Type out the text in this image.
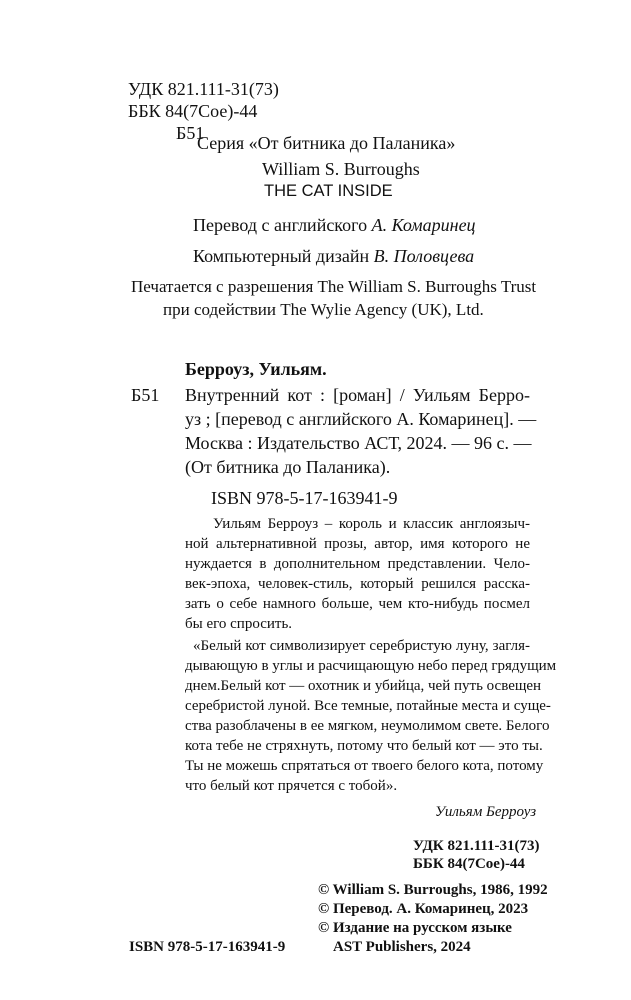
УДК 821.111-31(73)

ББК 84(7Сое)-44

Б51

Серия «От битника до Паланика»

William S. Burroughs

THE CAT INSIDE

Перевод с английского А. Комаринец

Компьютерный дизайн В. Половцева

Печатается с разрешения The William S. Burroughs Trust

при содействии The Wylie Agency (UK), Ltd.

Берроуз, Уильям.

Б51 Внутренний кот : [роман] / Уильям Берро-

уз ; [перевод с английского А. Комаринец]. —

Москва : Издательство АСТ, 2024. — 96 с. —

(От битника до Паланика).

ISBN 978-5-17-163941-9

Уильям Берроуз – король и классик англоязыч-

ной альтернативной прозы, автор, имя которого не

нуждается в дополнительном представлении. Чело-

век-эпоха, человек-стиль, который решился расска-

зать о себе намного больше, чем кто-нибудь посмел

бы его спросить.

«Белый кот символизирует серебристую луну, загля-

дывающую в углы и расчищающую небо перед грядущим

днем.Белый кот — охотник и убийца, чей путь освещен

серебристой луной. Все темные, потайные места и суще-

ства разоблачены в ее мягком, неумолимом свете. Белого

кота тебе не стряхнуть, потому что белый кот — это ты.

Ты не можешь спрятаться от твоего белого кота, потому

что белый кот прячется с тобой».

Уильям Берроуз

УДК 821.111-31(73)

ББК 84(7Сое)-44

© William S. Burroughs, 1986, 1992

© Перевод. А. Комаринец, 2023

© Издание на русском языке

AST Publishers, 2024

ISBN 978-5-17-163941-9
